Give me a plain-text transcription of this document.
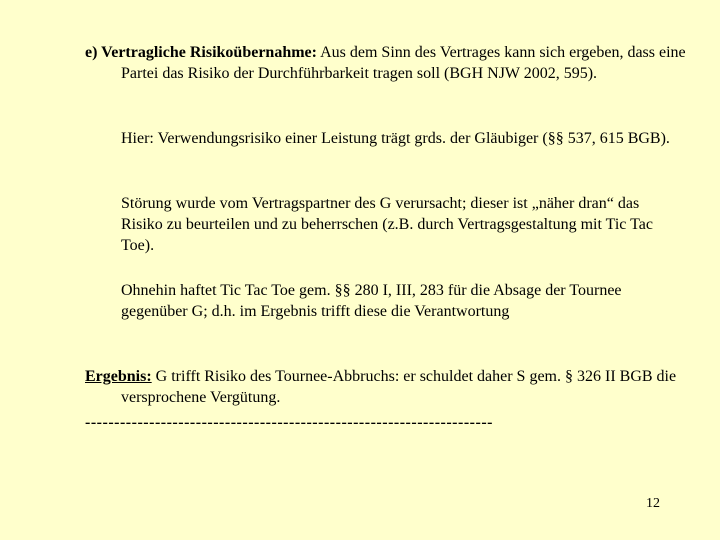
e) Vertragliche Risikoübernahme: Aus dem Sinn des Vertrages kann sich ergeben, dass eine Partei das Risiko der Durchführbarkeit tragen soll (BGH NJW 2002, 595).

Hier: Verwendungsrisiko einer Leistung trägt grds. der Gläubiger (§§ 537, 615 BGB).

Störung wurde vom Vertragspartner des G verursacht; dieser ist „näher dran“ das Risiko zu beurteilen und zu beherrschen (z.B. durch Vertragsgestaltung mit Tic Tac Toe).

Ohnehin haftet Tic Tac Toe gem. §§ 280 I, III, 283 für die Absage der Tournee gegenüber G; d.h. im Ergebnis trifft diese die Verantwortung

Ergebnis: G trifft Risiko des Tournee-Abbruchs: er schuldet daher S gem. § 326 II BGB die versprochene Vergütung.

----------------------------------------------------------------------
12
